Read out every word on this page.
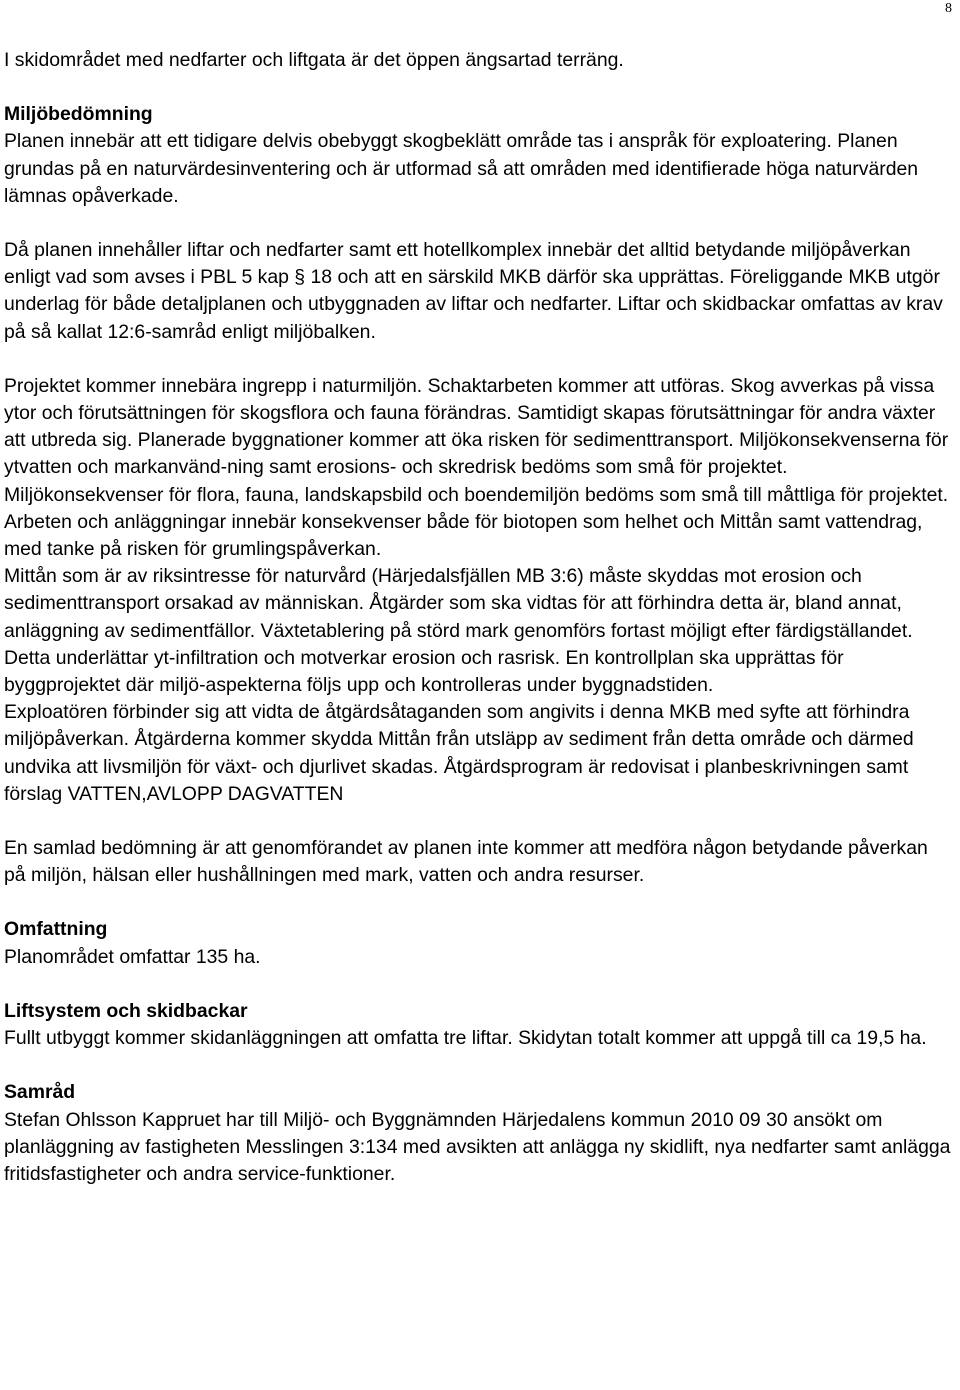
8

I skidområdet med nedfarter och liftgata är det öppen ängsartad terräng.

Miljöbedömning

Planen innebär att ett tidigare delvis obebyggt skogbeklätt område tas i anspråk för exploatering. Planen grundas på en naturvärdesinventering och är utformad så att områden med identifierade höga naturvärden lämnas opåverkade.

Då planen innehåller liftar och nedfarter samt ett hotellkomplex innebär det alltid betydande miljöpåverkan enligt vad som avses i PBL 5 kap § 18 och att en särskild MKB därför ska upprättas. Föreliggande MKB utgör underlag för både detaljplanen och utbyggnaden av liftar och nedfarter. Liftar och skidbackar omfattas av krav på så kallat 12:6-samråd enligt miljöbalken.

Projektet kommer innebära ingrepp i naturmiljön. Schaktarbeten kommer att utföras. Skog avverkas på vissa ytor och förutsättningen för skogsflora och fauna förändras. Samtidigt skapas förutsättningar för andra växter att utbreda sig. Planerade byggnationer kommer att öka risken för sedimenttransport. Miljökonsekvenserna för ytvatten och markanvänd-ning samt erosions- och skredrisk bedöms som små för projektet.

Miljökonsekvenser för flora, fauna, landskapsbild och boendemiljön bedöms som små till måttliga för projektet.

Arbeten och anläggningar innebär konsekvenser både för biotopen som helhet och Mittån samt vattendrag, med tanke på risken för grumlingspåverkan.

Mittån som är av riksintresse för naturvård (Härjedalsfjällen MB 3:6) måste skyddas mot erosion och sedimenttransport orsakad av människan. Åtgärder som ska vidtas för att förhindra detta är, bland annat, anläggning av sedimentfällor. Växtetablering på störd mark genomförs fortast möjligt efter färdigställandet. Detta underlättar yt-infiltration och motverkar erosion och rasrisk. En kontrollplan ska upprättas för byggprojektet där miljö-aspekterna följs upp och kontrolleras under byggnadstiden.

Exploatören förbinder sig att vidta de åtgärdsåtaganden som angivits i denna MKB med syfte att förhindra miljöpåverkan. Åtgärderna kommer skydda Mittån från utsläpp av sediment från detta område och därmed undvika att livsmiljön för växt- och djurlivet skadas. Åtgärdsprogram är redovisat i planbeskrivningen samt förslag VATTEN,AVLOPP DAGVATTEN

En samlad bedömning är att genomförandet av planen inte kommer att medföra någon betydande påverkan på miljön, hälsan eller hushållningen med mark, vatten och andra resurser.

Omfattning

Planområdet omfattar 135 ha.

Liftsystem och skidbackar

Fullt utbyggt kommer skidanläggningen att omfatta tre liftar. Skidytan totalt kommer att uppgå till ca 19,5 ha.

Samråd

Stefan Ohlsson Kappruet har till Miljö- och Byggnämnden Härjedalens kommun 2010 09 30 ansökt om planläggning av fastigheten Messlingen 3:134 med avsikten att anlägga ny skidlift, nya nedfarter samt anlägga fritidsfastigheter och andra service-funktioner.
